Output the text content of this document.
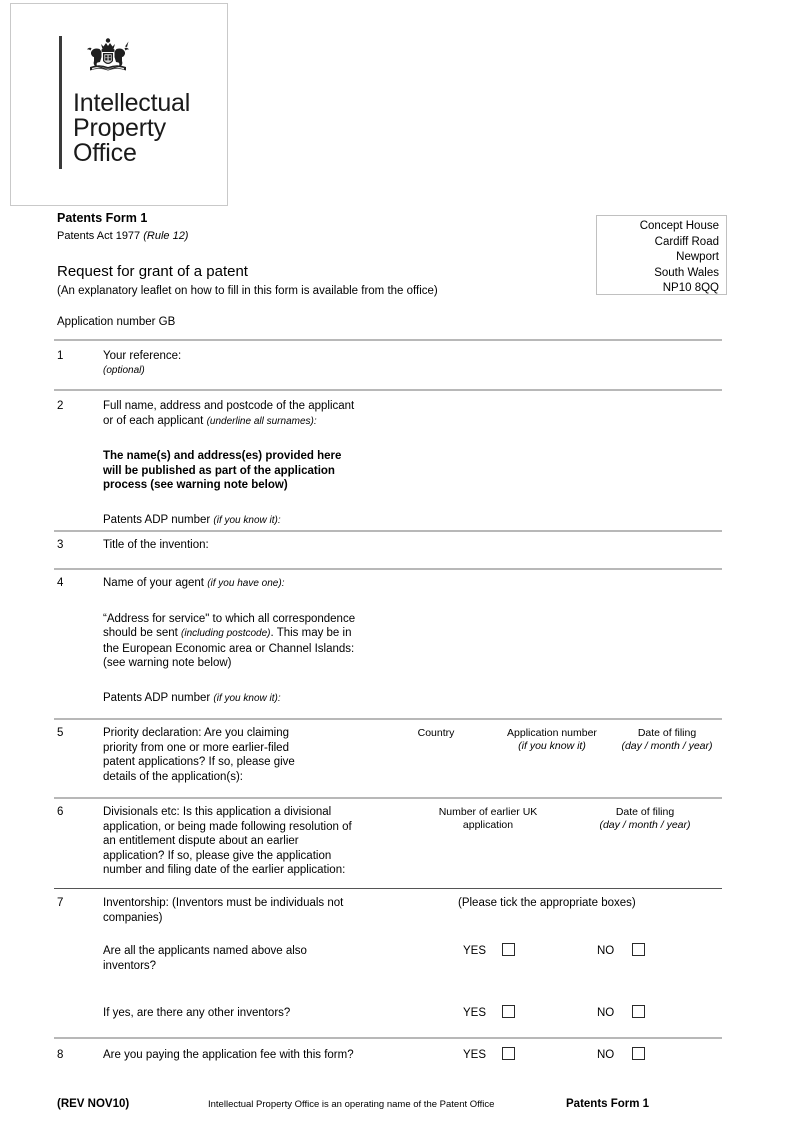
Intellectual
Property
Office
Patents Form 1
Patents Act 1977 (Rule 12)
Request for grant of a patent
(An explanatory leaflet on how to fill in this form is available from the office)
Application number GB
Concept House
Cardiff Road
Newport
South Wales
NP10 8QQ
1	Your reference:
(optional)
2	Full name, address and postcode of the applicant
or of each applicant (underline all surnames):
The name(s) and address(es) provided here
will be published as part of the application
process (see warning note below)
Patents ADP number (if you know it):
3	Title of the invention:
4	Name of your agent (if you have one):
“Address for service" to which all correspondence
should be sent (including postcode). This may be in
the European Economic area or Channel Islands:
(see warning note below)
Patents ADP number (if you know it):
5	Priority declaration: Are you claiming
priority from one or more earlier-filed
patent applications? If so, please give
details of the application(s):
Country	Application number
(if you know it)
Date of filing
(day / month / year)
6	Divisionals etc: Is this application a divisional
application, or being made following resolution of
an entitlement dispute about an earlier
application? If so, please give the application
number and filing date of the earlier application:
Number of earlier UK
application
Date of filing
(day / month / year)
7	Inventorship: (Inventors must be individuals not
companies)
(Please tick the appropriate boxes)
Are all the applicants named above also
inventors?
YES	NO
If yes, are there any other inventors?	YES	NO
8	Are you paying the application fee with this form?	YES	NO
(REV NOV10)	Intellectual Property Office is an operating name of the Patent Office	Patents Form 1
